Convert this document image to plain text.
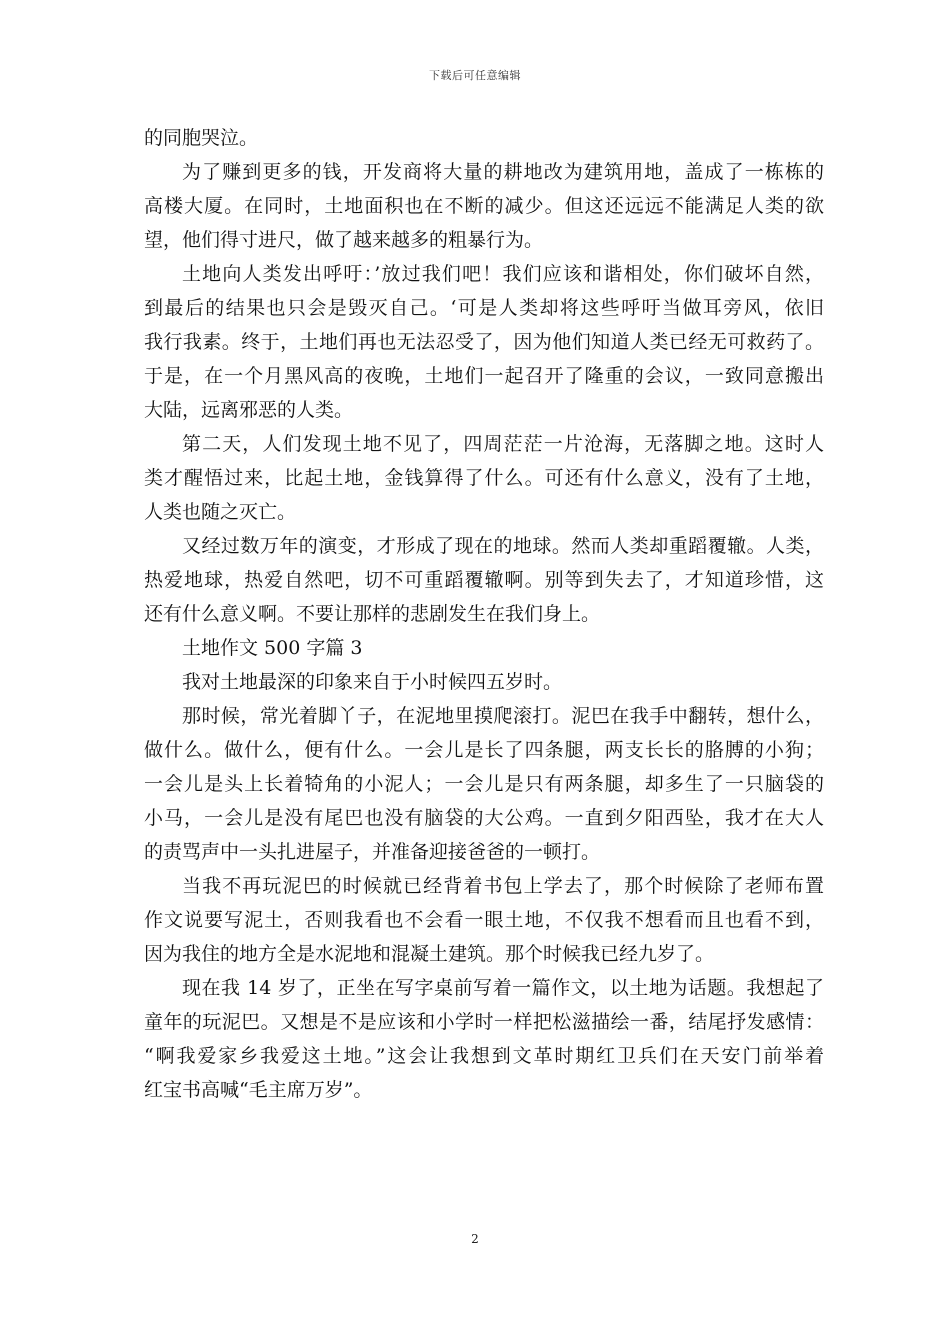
下载后可任意编辑
的同胞哭泣。
为了赚到更多的钱，开发商将大量的耕地改为建筑用地，盖成了一栋栋的
高楼大厦。在同时，土地面积也在不断的减少。但这还远远不能满足人类的欲
望，他们得寸进尺，做了越来越多的粗暴行为。
土地向人类发出呼吁：’放过我们吧！我们应该和谐相处，你们破坏自然，
到最后的结果也只会是毁灭自己。‘可是人类却将这些呼吁当做耳旁风，依旧
我行我素。终于，土地们再也无法忍受了，因为他们知道人类已经无可救药了。
于是，在一个月黑风高的夜晚，土地们一起召开了隆重的会议，一致同意搬出
大陆，远离邪恶的人类。
第二天，人们发现土地不见了，四周茫茫一片沧海，无落脚之地。这时人
类才醒悟过来，比起土地，金钱算得了什么。可还有什么意义，没有了土地，
人类也随之灭亡。
又经过数万年的演变，才形成了现在的地球。然而人类却重蹈覆辙。人类，
热爱地球，热爱自然吧，切不可重蹈覆辙啊。别等到失去了，才知道珍惜，这
还有什么意义啊。不要让那样的悲剧发生在我们身上。
土地作文 500 字篇 3
我对土地最深的印象来自于小时候四五岁时。
那时候，常光着脚丫子，在泥地里摸爬滚打。泥巴在我手中翻转，想什么，
做什么。做什么，便有什么。一会儿是长了四条腿，两支长长的胳膊的小狗；
一会儿是头上长着犄角的小泥人；一会儿是只有两条腿，却多生了一只脑袋的
小马，一会儿是没有尾巴也没有脑袋的大公鸡。一直到夕阳西坠，我才在大人
的责骂声中一头扎进屋子，并准备迎接爸爸的一顿打。
当我不再玩泥巴的时候就已经背着书包上学去了，那个时候除了老师布置
作文说要写泥土，否则我看也不会看一眼土地，不仅我不想看而且也看不到，
因为我住的地方全是水泥地和混凝土建筑。那个时候我已经九岁了。
现在我 14 岁了，正坐在写字桌前写着一篇作文，以土地为话题。我想起了
童年的玩泥巴。又想是不是应该和小学时一样把松滋描绘一番，结尾抒发感情：
“啊我爱家乡我爱这土地。”这会让我想到文革时期红卫兵们在天安门前举着
红宝书高喊“毛主席万岁”。
2
